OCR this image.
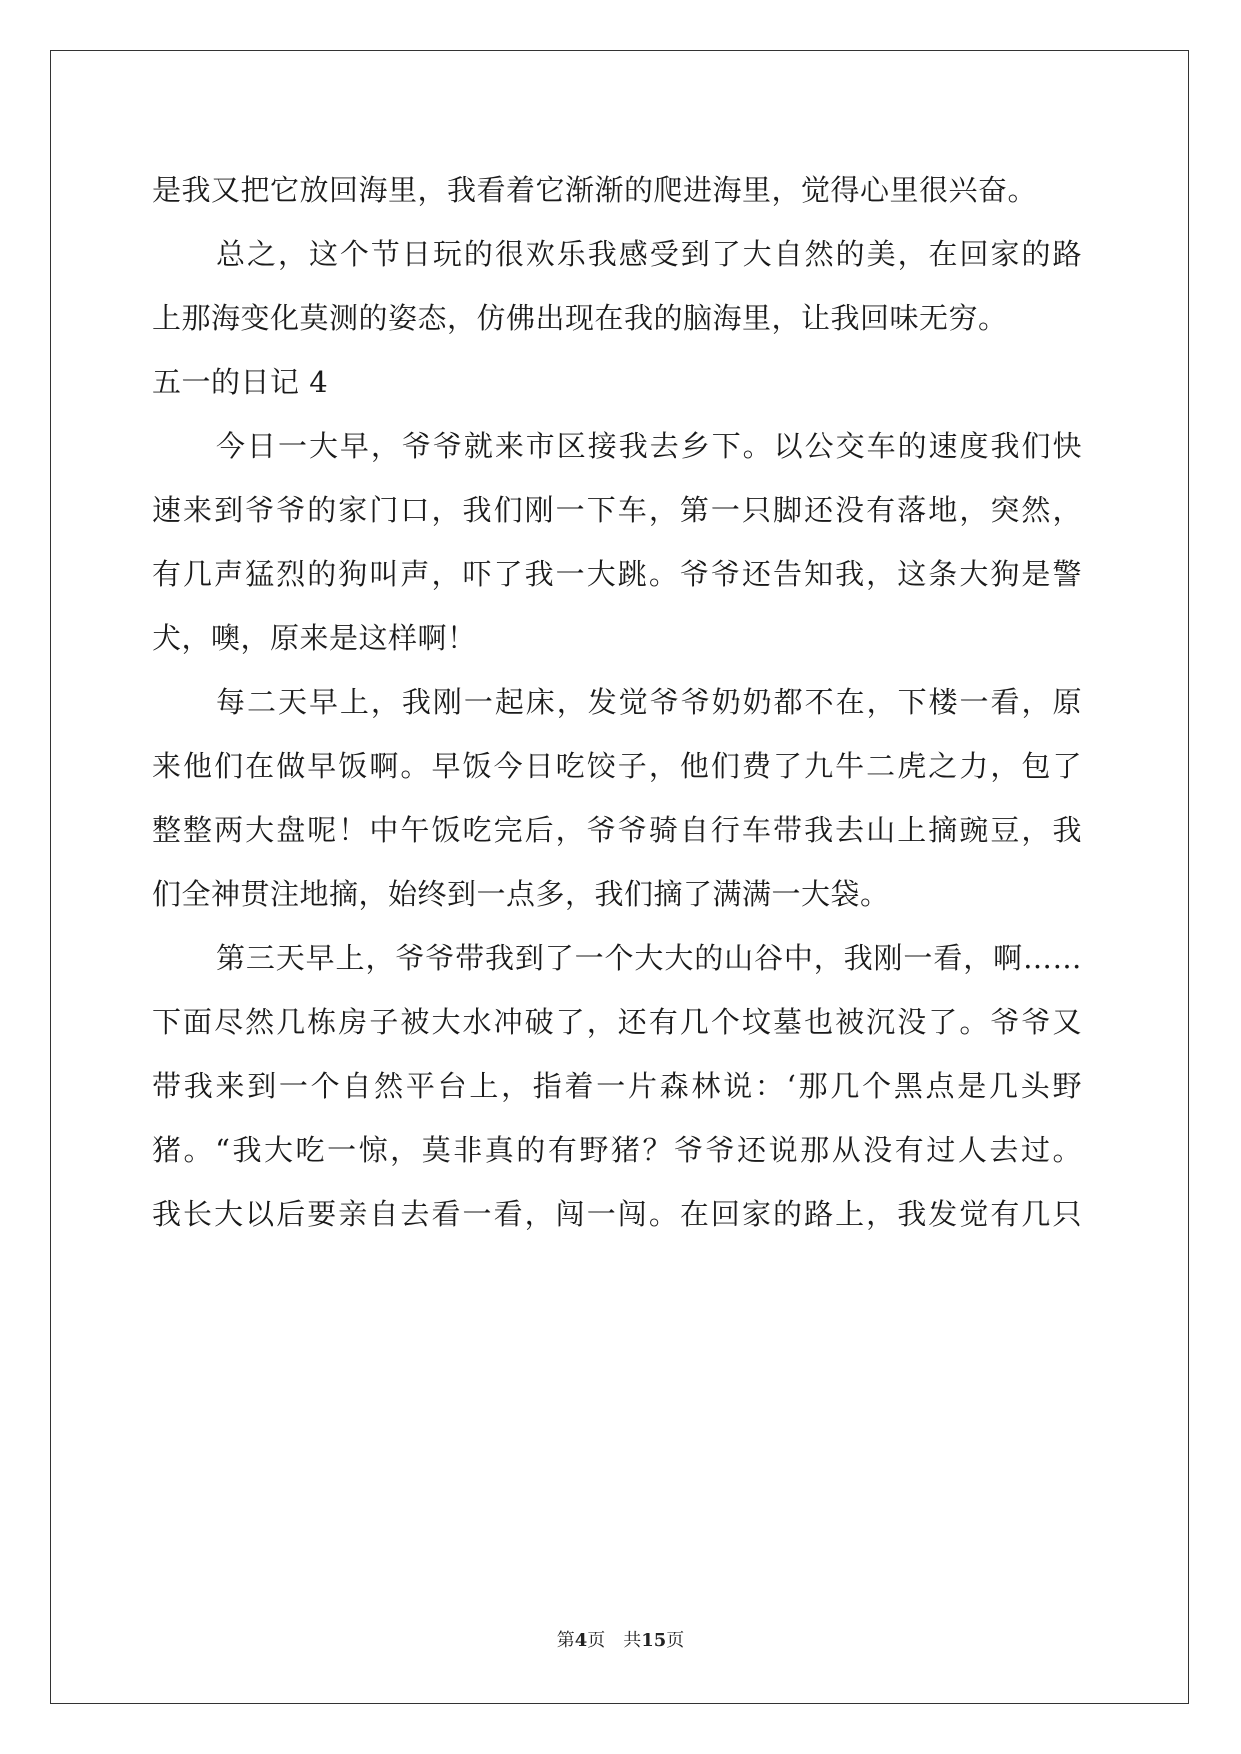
是我又把它放回海里，我看着它渐渐的爬进海里，觉得心里很兴奋。
总之，这个节日玩的很欢乐我感受到了大自然的美，在回家的路
上那海变化莫测的姿态，仿佛出现在我的脑海里，让我回味无穷。
五一的日记 4
今日一大早，爷爷就来市区接我去乡下。以公交车的速度我们快
速来到爷爷的家门口，我们刚一下车，第一只脚还没有落地，突然，
有几声猛烈的狗叫声，吓了我一大跳。爷爷还告知我，这条大狗是警
犬，噢，原来是这样啊！
每二天早上，我刚一起床，发觉爷爷奶奶都不在，下楼一看，原
来他们在做早饭啊。早饭今日吃饺子，他们费了九牛二虎之力，包了
整整两大盘呢！中午饭吃完后，爷爷骑自行车带我去山上摘豌豆，我
们全神贯注地摘，始终到一点多，我们摘了满满一大袋。
第三天早上，爷爷带我到了一个大大的山谷中，我刚一看，啊……
下面尽然几栋房子被大水冲破了，还有几个坟墓也被沉没了。爷爷又
带我来到一个自然平台上，指着一片森林说：‘那几个黑点是几头野
猪。“我大吃一惊，莫非真的有野猪？爷爷还说那从没有过人去过。
我长大以后要亲自去看一看，闯一闯。在回家的路上，我发觉有几只
第4页 共15页
